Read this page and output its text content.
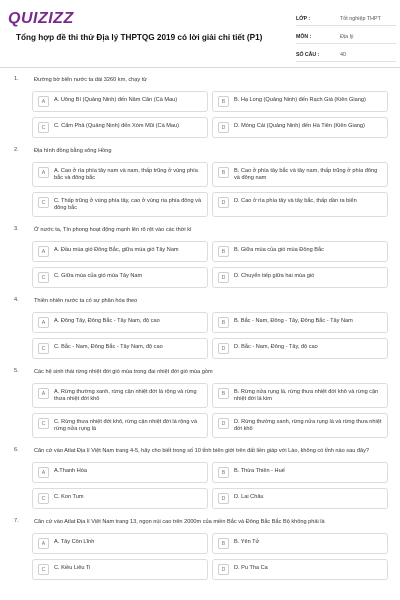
QUIZIZZ
Tổng hợp đề thi thử Địa lý THPTQG 2019 có lời giải chi tiết (P1)
LỚP :	Tốt nghiệp THPT
MÔN :	Địa lý
SỐ CÂU :	40
1.	Đường bờ biển nước ta dài 3260 km, chạy từ
A	A. Uông Bí (Quảng Ninh) đến Năm Căn (Cà Mau)	B	B. Hạ Long (Quảng Ninh) đến Rạch Giá (Kiên Giang)
C	C. Cẩm Phả (Quảng Ninh) đến Xóm Mũi (Cà Mau)	D	D. Móng Cái (Quảng Ninh) đến Hà Tiên (Kiên Giang)
2.	Địa hình đồng bằng sông Hồng
A	A. Cao ở rìa phía tây nam và nam, thấp trũng ở vùng phía bắc và đông bắc
B	B. Cao ở phía tây bắc và tây nam, thấp trũng ở phía đông và đông nam
C	C. Thấp trũng ở vùng phía tây, cao ở vùng rìa phía đông và đông bắc
D	D. Cao ở rìa phía tây và tây bắc, thấp dần ra biển
3.	Ở nước ta, Tín phong hoạt động mạnh lên rõ rệt vào các thời kì
A	A. Đầu mùa gió Đông Bắc, giữa mùa gió Tây Nam	B	B. Giữa mùa của gió mùa Đông Bắc
C	C. Giữa mùa của gió mùa Tây Nam	D	D. Chuyển tiếp giữa hai mùa gió
4.	Thiên nhiên nước ta có sự phân hóa theo
A	A. Đông Tây, Đông Bắc - Tây Nam, độ cao	B	B. Bắc - Nam, Đông - Tây, Đông Bắc - Tây Nam
C	C. Bắc - Nam, Đông Bắc - Tây Nam, độ cao	D	D. Bắc - Nam, Đông - Tây, độ cao
5.	Các hệ sinh thái rừng nhiệt đới gió mùa trong đai nhiệt đới gió mùa gồm
A	A. Rừng thường xanh, rừng cận nhiệt đới lá rộng và rừng thưa nhiệt đới khô
B	B. Rừng nửa rụng lá, rừng thưa nhiệt đới khô và rừng cận nhiệt đới lá kim
C	C. Rừng thưa nhiệt đới khô, rừng cận nhiệt đới lá rộng và rừng nửa rụng lá
D	D. Rừng thường xanh, rừng nửa rụng lá và rừng thưa nhiệt đới khô
6.	Căn cứ vào Atlat Địa lí Việt Nam trang 4-5, hãy cho biết trong số 10 tỉnh biên giới trên đất liền giáp với Lào, không có tỉnh nào sau đây?
A	A.Thanh Hóa	B	B. Thừa Thiên - Huế
C	C. Kon Tum	D	D. Lai Châu
7.	Căn cứ vào Atlat Địa lí Việt Nam trang 13, ngọn núi cao trên 2000m của miền Bắc và Đông Bắc Bắc Bộ không phải là
A	A. Tây Côn Lĩnh	B	B. Yên Tử
C	C. Kiều Liêu Ti	D	D. Pu Tha Ca
